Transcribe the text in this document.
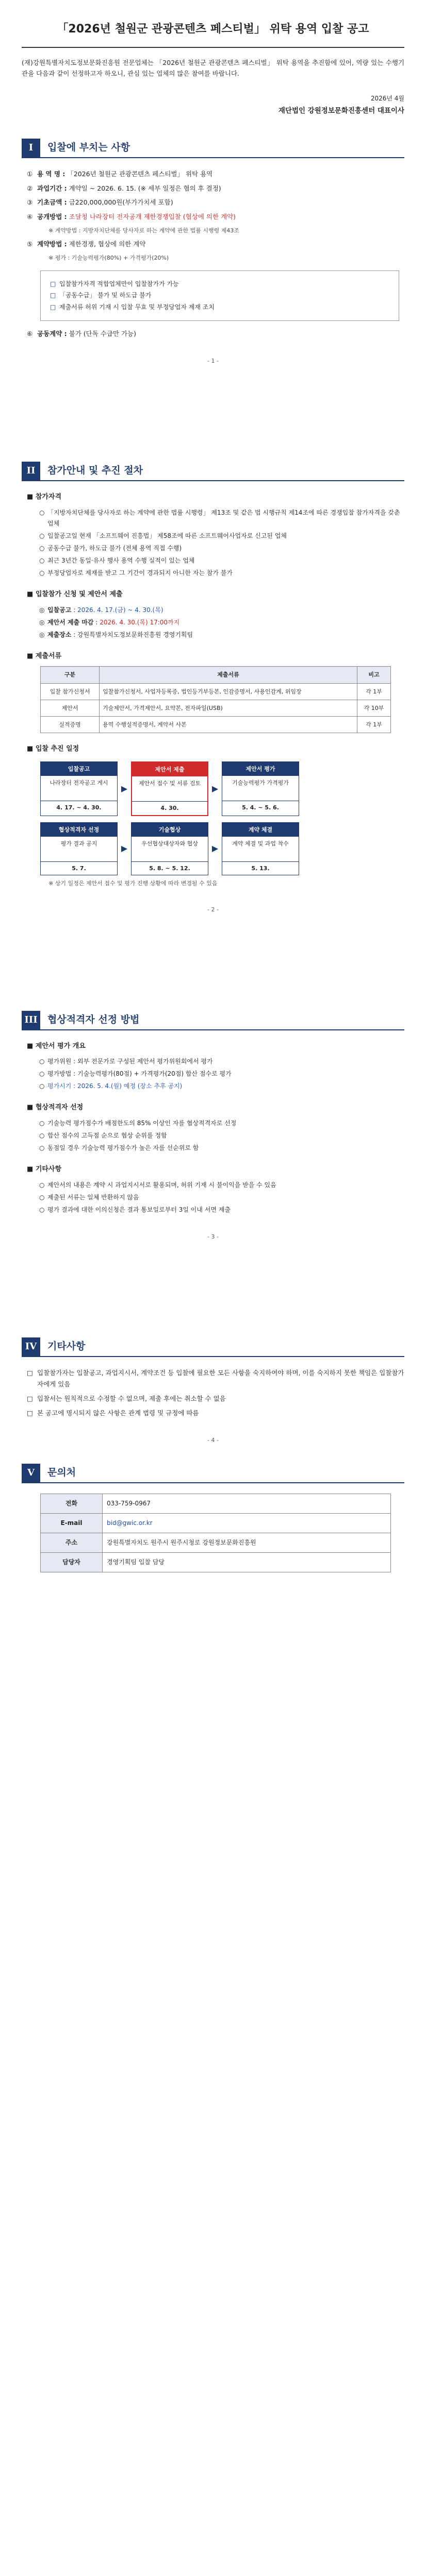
「2026년 철원군 관광콘텐츠 페스티벌」 위탁 용역 입찰 공고

(재)강원특별자치도정보문화진흥원 전문업체는 「2026년 철원군 관광콘텐츠 페스티벌」 위탁 용역을 추진함에 있어, 역량 있는 수행기관을 다음과 같이 선정하고자 하오니, 관심 있는 업체의 많은 참여를 바랍니다.

2026년 4월
재단법인 강원정보문화진흥센터 대표이사
I	입찰에 부치는 사항
① 용 역 명 : 「2026년 철원군 관광콘텐츠 페스티벌」 위탁 용역
② 과업기간 : 계약일 ~ 2026. 6. 15. (※ 세부 일정은 협의 후 결정)
③ 기초금액 : 금220,000,000원(부가가치세 포함)
④ 공개방법 : 조달청 나라장터 전자공개 제한경쟁입찰 (협상에 의한 계약)
※ 계약방법 : 지방자치단체를 당사자로 하는 계약에 관한 법률 시행령 제43조
⑤ 계약방법 : 제한경쟁, 협상에 의한 계약
※ 평가 : 기술능력평가(80%) + 가격평가(20%)
□ 입찰참가자격 적합업체만이 입찰참가가 가능
□ 「공동수급」 불가 및 하도급 불가
□ 제출서류 허위 기재 시 입찰 무효 및 부정당업자 제재 조치
⑥ 공동계약 : 불가 (단독 수급만 가능)
- 1 -
II	참가안내 및 추진 절차
■ 참가자격
○ 「지방자치단체를 당사자로 하는 계약에 관한 법률 시행령」 제13조 및 같은 법 시행규칙 제14조에 따른 경쟁입찰 참가자격을 갖춘 업체
○ 입찰공고일 현재 「소프트웨어 진흥법」 제58조에 따른 소프트웨어사업자로 신고된 업체
○ 공동수급 불가, 하도급 불가 (전체 용역 직접 수행)
○ 최근 3년간 동일·유사 행사 용역 수행 실적이 있는 업체
○ 부정당업자로 제재를 받고 그 기간이 경과되지 아니한 자는 참가 불가
■ 입찰참가 신청 및 제안서 제출
◎ 입찰공고 : 2026. 4. 17.(금) ~ 4. 30.(목)
◎ 제안서 제출 마감 : 2026. 4. 30.(목) 17:00까지
◎ 제출장소 : 강원특별자치도정보문화진흥원 경영기획팀
■ 제출서류
구분	제출서류	비고
입찰 참가신청서	입찰참가신청서, 사업자등록증, 법인등기부등본, 인감증명서, 사용인감계, 위임장	각 1부
제안서	기술제안서, 가격제안서, 요약본, 전자파일(USB)	각 10부
실적증명	용역 수행실적증명서, 계약서 사본	각 1부
■ 입찰 추진 일정
입찰공고
나라장터 전자공고 게시
4. 17. ~ 4. 30.
▶
제안서 제출
제안서 접수 및 서류 검토
4. 30.
▶
제안서 평가
기술능력평가 가격평가
5. 4. ~ 5. 6.
협상적격자 선정
평가 결과 공지
5. 7.
▶
기술협상
우선협상대상자와 협상
5. 8. ~ 5. 12.
▶
계약 체결
계약 체결 및 과업 착수
5. 13.
※ 상기 일정은 제안서 접수 및 평가 진행 상황에 따라 변경될 수 있음
- 2 -
III 협상적격자 선정 방법
■ 제안서 평가 개요
○ 평가위원 : 외부 전문가로 구성된 제안서 평가위원회에서 평가
○ 평가방법 : 기술능력평가(80점) + 가격평가(20점) 합산 점수로 평가
○ 평가시기 : 2026. 5. 4.(월) 예정 (장소 추후 공지)
■ 협상적격자 선정
○ 기술능력 평가점수가 배점한도의 85% 이상인 자를 협상적격자로 선정
○ 합산 점수의 고득점 순으로 협상 순위를 정함
○ 동점일 경우 기술능력 평가점수가 높은 자를 선순위로 함
■ 기타사항
○ 제안서의 내용은 계약 시 과업지시서로 활용되며, 허위 기재 시 불이익을 받을 수 있음
○ 제출된 서류는 일체 반환하지 않음
○ 평가 결과에 대한 이의신청은 결과 통보일로부터 3일 이내 서면 제출
- 3 -
IV	기타사항
□ 입찰참가자는 입찰공고, 과업지시서, 계약조건 등 입찰에 필요한 모든 사항을 숙지하여야 하며, 이를 숙지하지 못한 책임은 입찰참가자에게 있음
□ 입찰서는 원칙적으로 수정할 수 없으며, 제출 후에는 취소할 수 없음
□ 본 공고에 명시되지 않은 사항은 관계 법령 및 규정에 따름
- 4 -
V	문의처
전화	033-759-0967
E-mail	bid@gwic.or.kr
주소	강원특별자치도 원주시 원주시청로 강원정보문화진흥원
담당자	경영기획팀 입찰 담당
